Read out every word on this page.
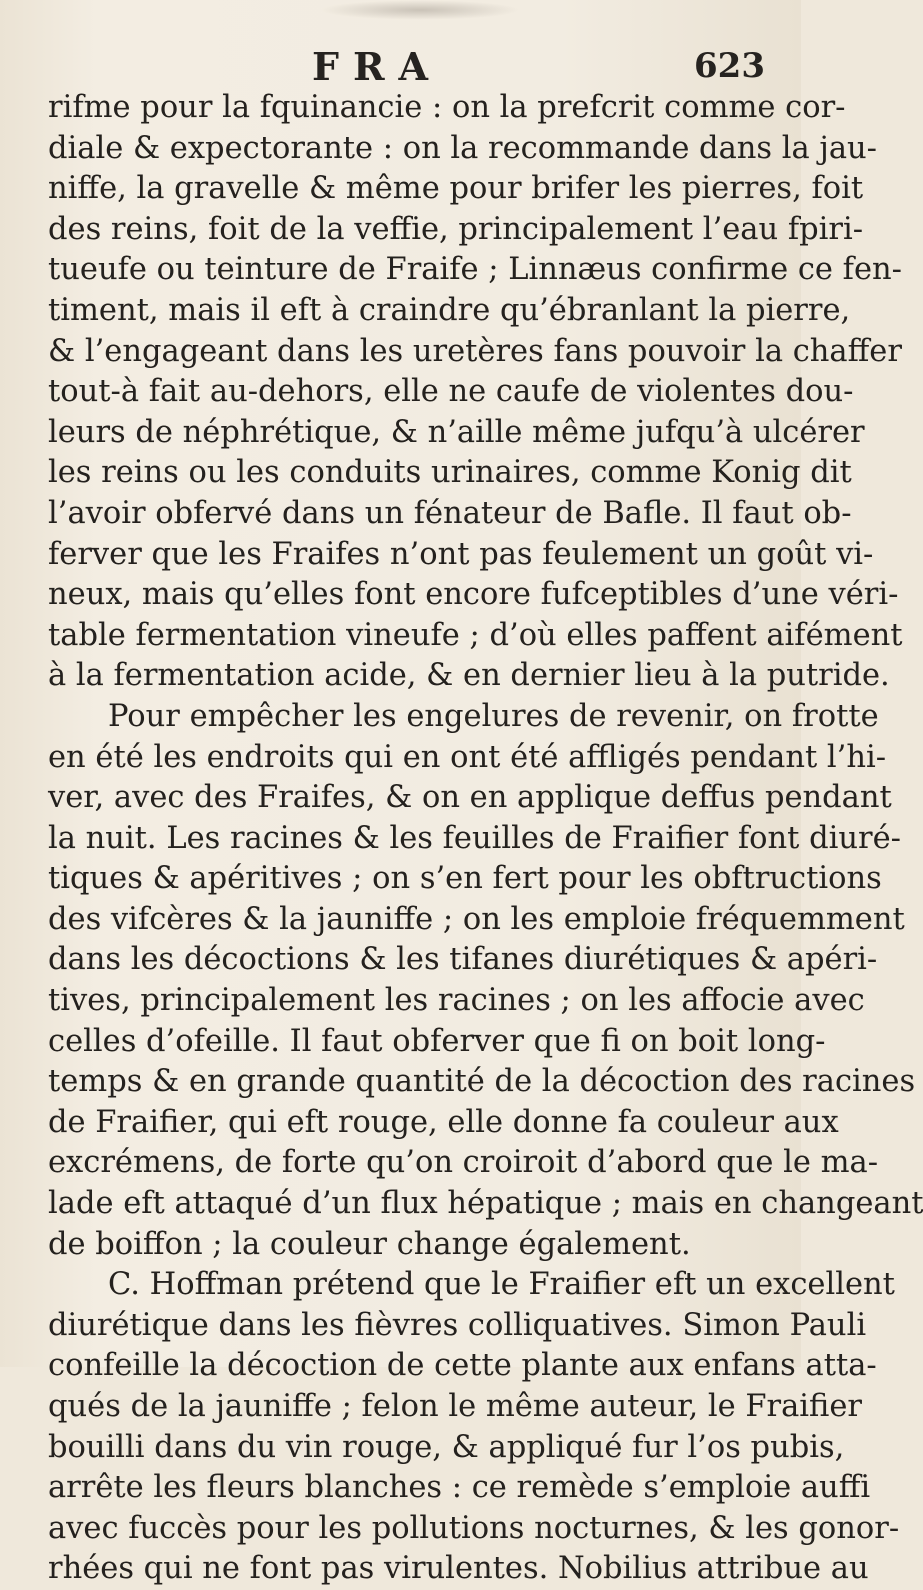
FRA	623
rifme pour la fquinancie : on la prefcrit comme cor-
diale & expectorante : on la recommande dans la jau-
niffe, la gravelle & même pour brifer les pierres, foit
des reins, foit de la veffie, principalement l’eau fpiri-
tueufe ou teinture de Fraife ; Linnæus confirme ce fen-
timent, mais il eft à craindre qu’ébranlant la pierre,
& l’engageant dans les uretères fans pouvoir la chaffer
tout-à fait au-dehors, elle ne caufe de violentes dou-
leurs de néphrétique, & n’aille même jufqu’à ulcérer
les reins ou les conduits urinaires, comme Konig dit
l’avoir obfervé dans un fénateur de Bafle. Il faut ob-
ferver que les Fraifes n’ont pas feulement un goût vi-
neux, mais qu’elles font encore fufceptibles d’une véri-
table fermentation vineufe ; d’où elles paffent aifément
à la fermentation acide, & en dernier lieu à la putride.
Pour empêcher les engelures de revenir, on frotte
en été les endroits qui en ont été affligés pendant l’hi-
ver, avec des Fraifes, & on en applique deffus pendant
la nuit. Les racines & les feuilles de Fraifier font diuré-
tiques & apéritives ; on s’en fert pour les obftructions
des vifcères & la jauniffe ; on les emploie fréquemment
dans les décoctions & les tifanes diurétiques & apéri-
tives, principalement les racines ; on les affocie avec
celles d’ofeille. Il faut obferver que fi on boit long-
temps & en grande quantité de la décoction des racines
de Fraifier, qui eft rouge, elle donne fa couleur aux
excrémens, de forte qu’on croiroit d’abord que le ma-
lade eft attaqué d’un flux hépatique ; mais en changeant
de boiffon ; la couleur change également.
C. Hoffman prétend que le Fraifier eft un excellent
diurétique dans les fièvres colliquatives. Simon Pauli
confeille la décoction de cette plante aux enfans atta-
qués de la jauniffe ; felon le même auteur, le Fraifier
bouilli dans du vin rouge, & appliqué fur l’os pubis,
arrête les fleurs blanches : ce remède s’emploie auffi
avec fuccès pour les pollutions nocturnes, & les gonor-
rhées qui ne font pas virulentes. Nobilius attribue au
